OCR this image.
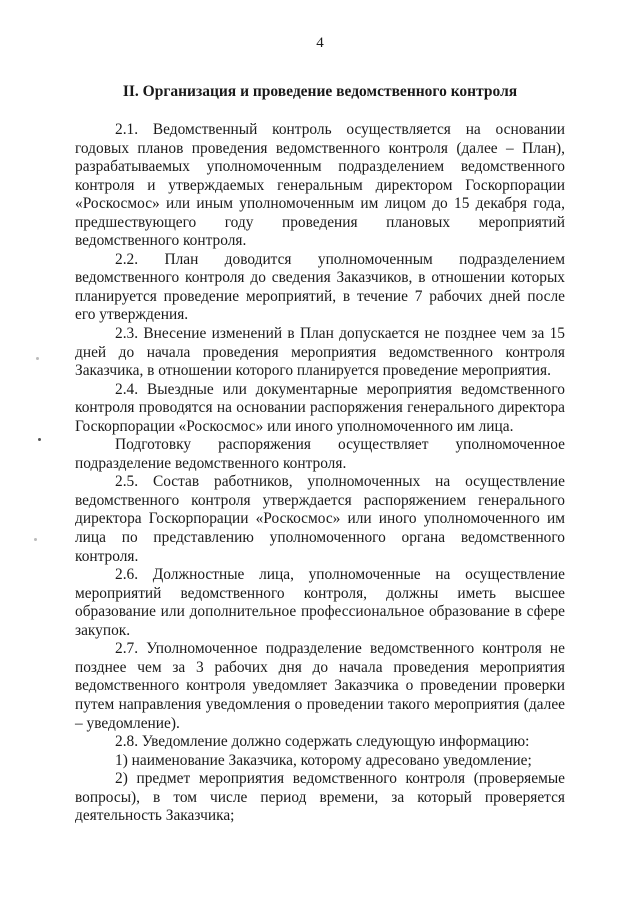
4
II. Организация и проведение ведомственного контроля

2.1. Ведомственный контроль осуществляется на основании годовых планов проведения ведомственного контроля (далее – План), разрабатываемых уполномоченным подразделением ведомственного контроля и утверждаемых генеральным директором Госкорпорации «Роскосмос» или иным уполномоченным им лицом до 15 декабря года, предшествующего году проведения плановых мероприятий ведомственного контроля.

2.2. План доводится уполномоченным подразделением ведомственного контроля до сведения Заказчиков, в отношении которых планируется проведение мероприятий, в течение 7 рабочих дней после его утверждения.

2.3. Внесение изменений в План допускается не позднее чем за 15 дней до начала проведения мероприятия ведомственного контроля Заказчика, в отношении которого планируется проведение мероприятия.

2.4. Выездные или документарные мероприятия ведомственного контроля проводятся на основании распоряжения генерального директора Госкорпорации «Роскосмос» или иного уполномоченного им лица.

Подготовку распоряжения осуществляет уполномоченное подразделение ведомственного контроля.

2.5. Состав работников, уполномоченных на осуществление ведомственного контроля утверждается распоряжением генерального директора Госкорпорации «Роскосмос» или иного уполномоченного им лица по представлению уполномоченного органа ведомственного контроля.

2.6. Должностные лица, уполномоченные на осуществление мероприятий ведомственного контроля, должны иметь высшее образование или дополнительное профессиональное образование в сфере закупок.

2.7. Уполномоченное подразделение ведомственного контроля не позднее чем за 3 рабочих дня до начала проведения мероприятия ведомственного контроля уведомляет Заказчика о проведении проверки путем направления уведомления о проведении такого мероприятия (далее – уведомление).

2.8. Уведомление должно содержать следующую информацию:

1) наименование Заказчика, которому адресовано уведомление;

2) предмет мероприятия ведомственного контроля (проверяемые вопросы), в том числе период времени, за который проверяется деятельность Заказчика;
